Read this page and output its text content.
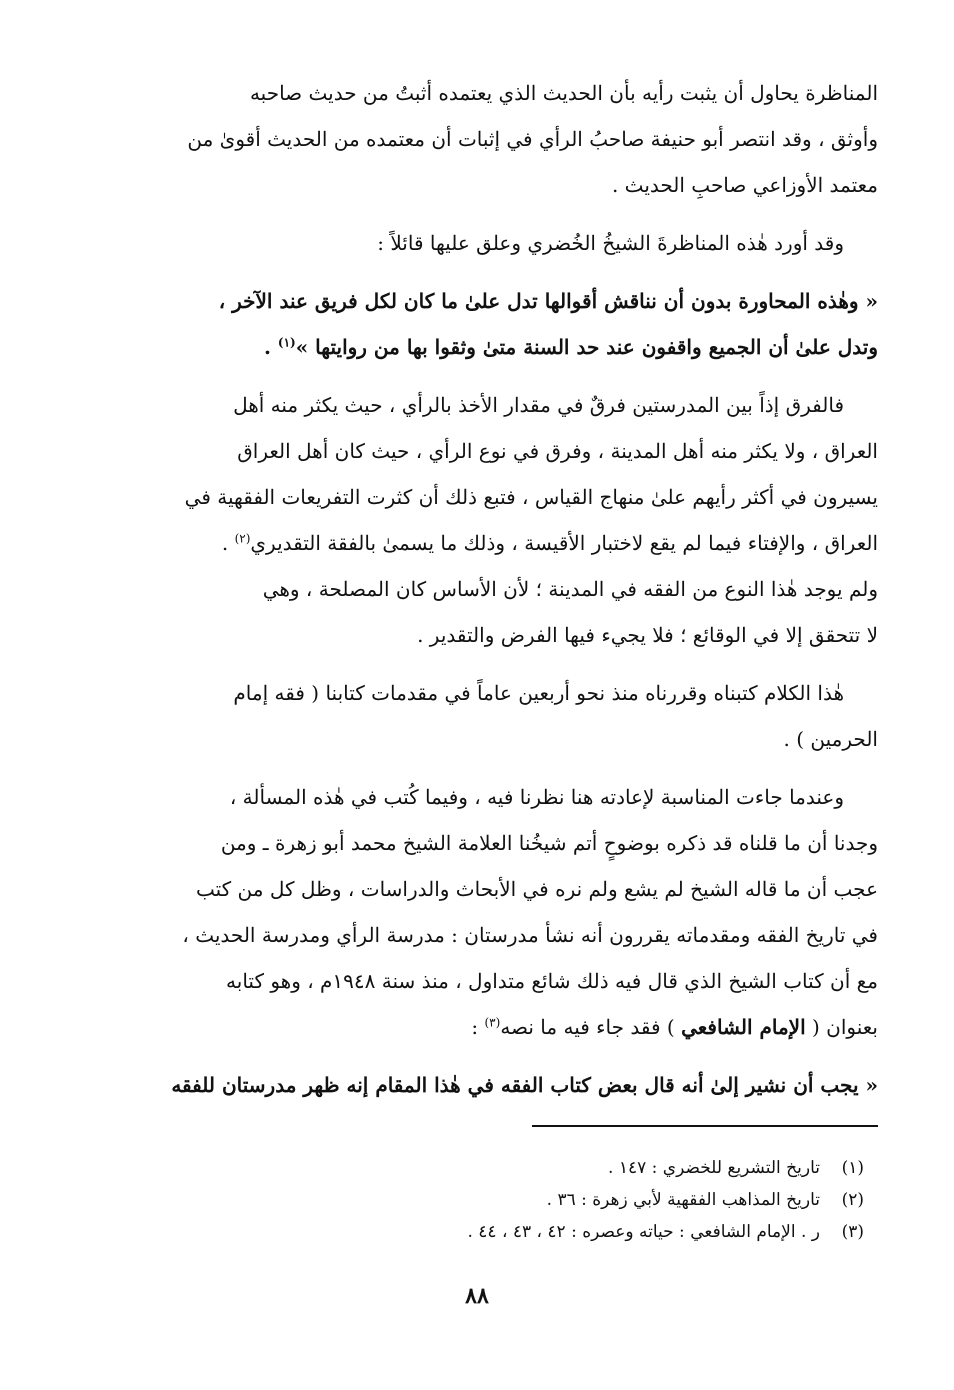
المناظرة يحاول أن يثبت رأيه بأن الحديث الذي يعتمده أثبتُ من حديث صاحبه
وأوثق ، وقد انتصر أبو حنيفة صاحبُ الرأي في إثبات أن معتمده من الحديث أقوىٰ من
معتمد الأوزاعي صاحبِ الحديث .
وقد أورد هٰذه المناظرةَ الشيخُ الخُضري وعلق عليها قائلاً :
« وهٰذه المحاورة بدون أن نناقش أقوالها تدل علىٰ ما كان لكل فريق عند الآخر ،
وتدل علىٰ أن الجميع واقفون عند حد السنة متىٰ وثقوا بها من روايتها »$^{(١)}$ .
فالفرق إذاً بين المدرستين فرقٌ في مقدار الأخذ بالرأي ، حيث يكثر منه أهل
العراق ، ولا يكثر منه أهل المدينة ، وفرق في نوع الرأي ، حيث كان أهل العراق
يسيرون في أكثر رأيهم علىٰ منهاج القياس ، فتبع ذلك أن كثرت التفريعات الفقهية في
العراق ، والإفتاء فيما لم يقع لاختبار الأقيسة ، وذلك ما يسمىٰ بالفقة التقديري$^{(٢)}$ .
ولم يوجد هٰذا النوع من الفقه في المدينة ؛ لأن الأساس كان المصلحة ، وهي
لا تتحقق إلا في الوقائع ؛ فلا يجيء فيها الفرض والتقدير .
هٰذا الكلام كتبناه وقررناه منذ نحو أربعين عاماً في مقدمات كتابنا ( فقه إمام
الحرمين ) .
وعندما جاءت المناسبة لإعادته هنا نظرنا فيه ، وفيما كُتب في هٰذه المسألة ،
وجدنا أن ما قلناه قد ذكره بوضوحٍ أتم شيخُنا العلامة الشيخ محمد أبو زهرة ـ ومن
عجب أن ما قاله الشيخ لم يشع ولم نره في الأبحاث والدراسات ، وظل كل من كتب
في تاريخ الفقه ومقدماته يقررون أنه نشأ مدرستان : مدرسة الرأي ومدرسة الحديث ،
مع أن كتاب الشيخ الذي قال فيه ذلك شائع متداول ، منذ سنة ١٩٤٨م ، وهو كتابه
بعنوان ( الإمام الشافعي ) فقد جاء فيه ما نصه$^{(٣)}$ :
« يجب أن نشير إلىٰ أنه قال بعض كتاب الفقه في هٰذا المقام إنه ظهر مدرستان للفقه
(١)تاريخ التشريع للخضري : ١٤٧ .
(٢)تاريخ المذاهب الفقهية لأبي زهرة : ٣٦ .
(٣)ر . الإمام الشافعي : حياته وعصره : ٤٢ ، ٤٣ ، ٤٤ .
٨٨
